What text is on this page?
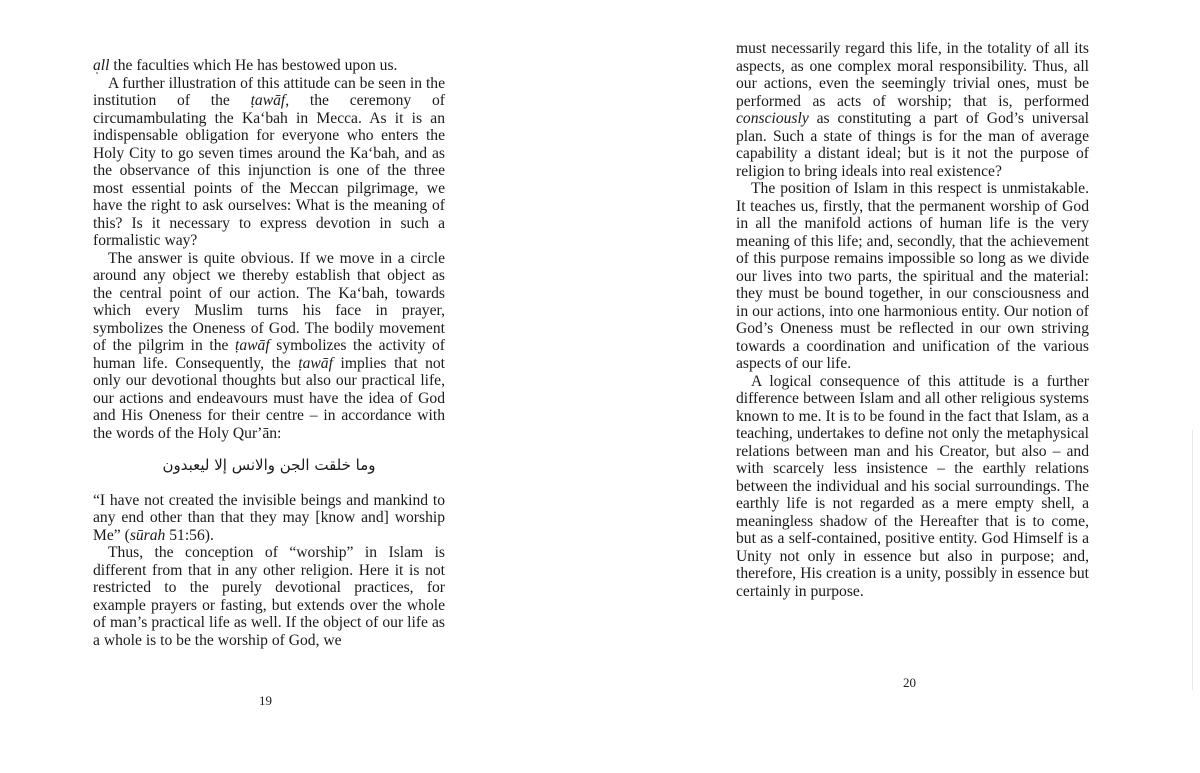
all the faculties which He has bestowed upon us.

A further illustration of this attitude can be seen in the institution of the ṭawāf, the ceremony of circumambulating the Kaʻbah in Mecca. As it is an indispensable obligation for everyone who enters the Holy City to go seven times around the Kaʻbah, and as the observance of this injunction is one of the three most essential points of the Meccan pilgrimage, we have the right to ask ourselves: What is the meaning of this? Is it necessary to express devotion in such a formalistic way?

The answer is quite obvious. If we move in a circle around any object we thereby establish that object as the central point of our action. The Kaʻbah, towards which every Muslim turns his face in prayer, symbolizes the Oneness of God. The bodily movement of the pilgrim in the ṭawāf symbolizes the activity of human life. Consequently, the ṭawāf implies that not only our devotional thoughts but also our practical life, our actions and endeavours must have the idea of God and His Oneness for their centre – in accordance with the words of the Holy Qurʼān:

وما خلقت الجن والانس إلا ليعبدون

“I have not created the invisible beings and mankind to any end other than that they may [know and] worship Me” (sūrah 51:56).

Thus, the conception of “worship” in Islam is different from that in any other religion. Here it is not restricted to the purely devotional practices, for example prayers or fasting, but extends over the whole of man’s practical life as well. If the object of our life as a whole is to be the worship of God, we

19

must necessarily regard this life, in the totality of all its aspects, as one complex moral responsibility. Thus, all our actions, even the seemingly trivial ones, must be performed as acts of worship; that is, performed consciously as constituting a part of God’s universal plan. Such a state of things is for the man of average capability a distant ideal; but is it not the purpose of religion to bring ideals into real existence?

The position of Islam in this respect is unmistakable. It teaches us, firstly, that the permanent worship of God in all the manifold actions of human life is the very meaning of this life; and, secondly, that the achievement of this purpose remains impossible so long as we divide our lives into two parts, the spiritual and the material: they must be bound together, in our consciousness and in our actions, into one harmonious entity. Our notion of God’s Oneness must be reflected in our own striving towards a coordination and unification of the various aspects of our life.

A logical consequence of this attitude is a further difference between Islam and all other religious systems known to me. It is to be found in the fact that Islam, as a teaching, undertakes to define not only the metaphysical relations between man and his Creator, but also – and with scarcely less insistence – the earthly relations between the individual and his social surroundings. The earthly life is not regarded as a mere empty shell, a meaningless shadow of the Hereafter that is to come, but as a self-contained, positive entity. God Himself is a Unity not only in essence but also in purpose; and, therefore, His creation is a unity, possibly in essence but certainly in purpose.

20
